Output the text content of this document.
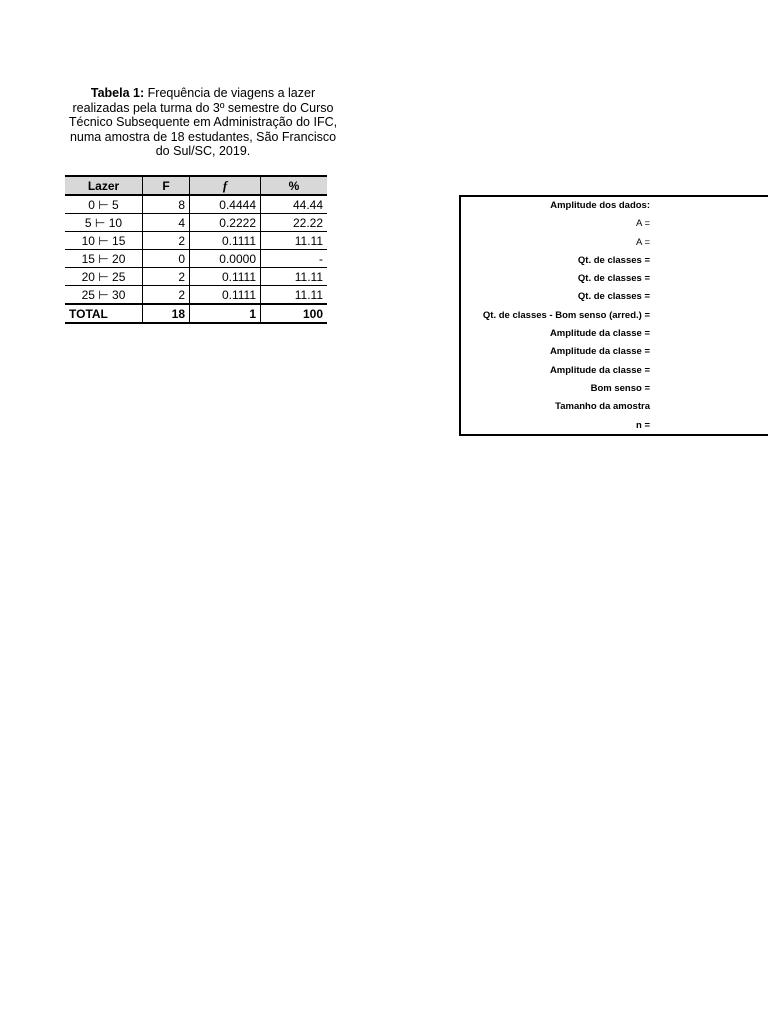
Tabela 1: Frequência de viagens a lazer realizadas pela turma do 3º semestre do Curso Técnico Subsequente em Administração do IFC, numa amostra de 18 estudantes, São Francisco do Sul/SC, 2019.
Lazer	F	f	%
0 ⊢ 5	8	0.4444	44.44
5 ⊢ 10	4	0.2222	22.22
10 ⊢ 15	2	0.1111	11.11
15 ⊢ 20	0	0.0000	-
20 ⊢ 25	2	0.1111	11.11
25 ⊢ 30	2	0.1111	11.11
TOTAL	18	1	100
Amplitude dos dados:
A =
A =
Qt. de classes =
Qt. de classes =
Qt. de classes =
Qt. de classes - Bom senso (arred.) =
Amplitude da classe =
Amplitude da classe =
Amplitude da classe =
Bom senso =
Tamanho da amostra
n =
